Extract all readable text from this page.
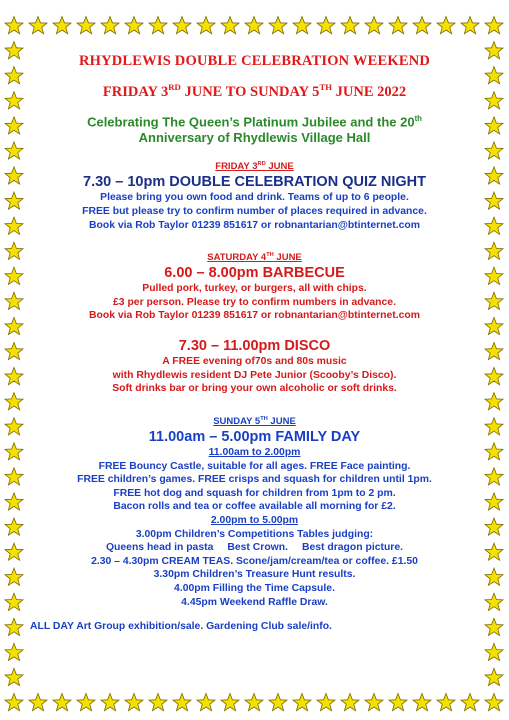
RHYDLEWIS DOUBLE CELEBRATION WEEKEND
FRIDAY 3RD JUNE TO SUNDAY 5TH JUNE 2022
Celebrating The Queen’s Platinum Jubilee and the 20th
Anniversary of Rhydlewis Village Hall
FRIDAY 3RD JUNE
7.30 – 10pm DOUBLE CELEBRATION QUIZ NIGHT
Please bring you own food and drink. Teams of up to 6 people.
FREE but please try to confirm number of places required in advance.
Book via Rob Taylor 01239 851617 or robnantarian@btinternet.com
SATURDAY 4TH JUNE
6.00 – 8.00pm BARBECUE
Pulled pork, turkey, or burgers, all with chips.
£3 per person. Please try to confirm numbers in advance.
Book via Rob Taylor 01239 851617 or robnantarian@btinternet.com
7.30 – 11.00pm DISCO
A FREE evening of70s and 80s music
with Rhydlewis resident DJ Pete Junior (Scooby’s Disco).
Soft drinks bar or bring your own alcoholic or soft drinks.
SUNDAY 5TH JUNE
11.00am – 5.00pm FAMILY DAY
11.00am to 2.00pm
FREE Bouncy Castle, suitable for all ages. FREE Face painting.
FREE children’s games. FREE crisps and squash for children until 1pm.
FREE hot dog and squash for children from 1pm to 2 pm.
Bacon rolls and tea or coffee available all morning for £2.
2.00pm to 5.00pm
3.00pm Children’s Competitions Tables judging:
Queens head in pasta Best Crown. Best dragon picture.
2.30 – 4.30pm CREAM TEAS. Scone/jam/cream/tea or coffee. £1.50
3.30pm Children’s Treasure Hunt results.
4.00pm Filling the Time Capsule.
4.45pm Weekend Raffle Draw.
ALL DAY Art Group exhibition/sale. Gardening Club sale/info.
